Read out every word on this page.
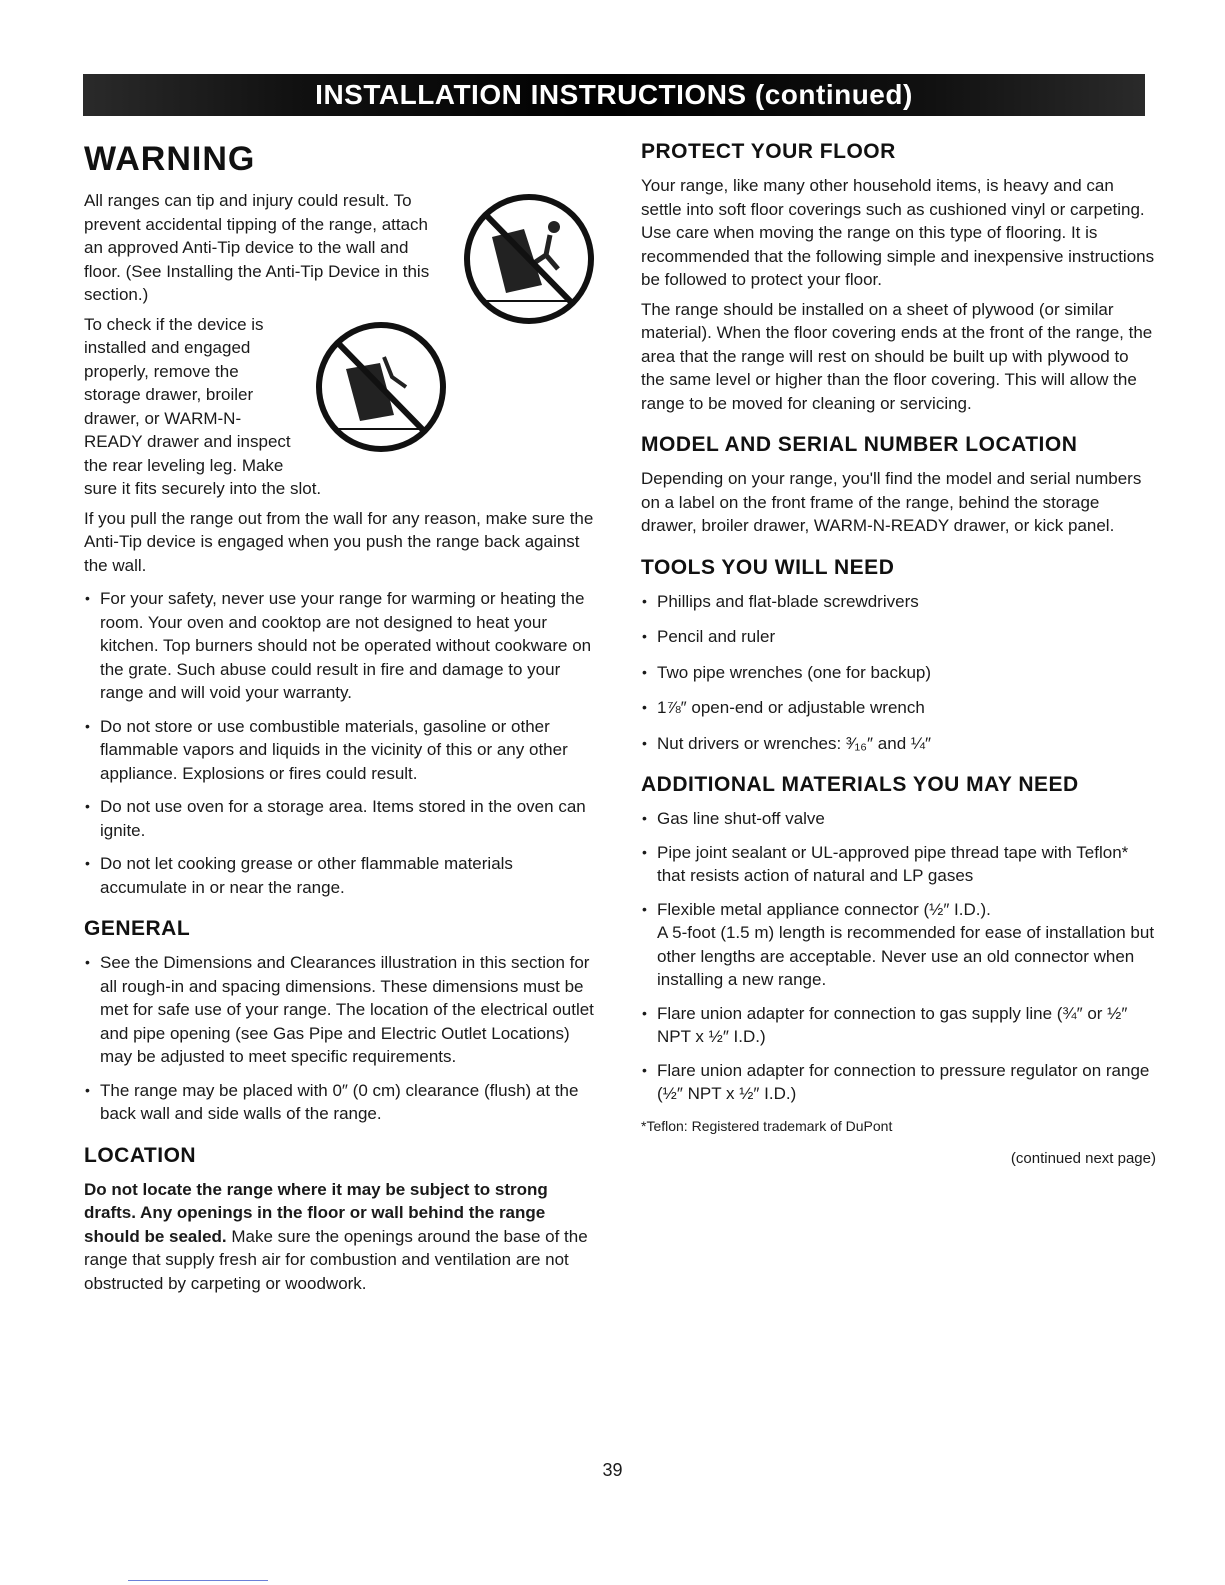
INSTALLATION INSTRUCTIONS (continued)
WARNING

All ranges can tip and injury could result. To prevent accidental tipping of the range, attach an approved Anti-Tip device to the wall and floor. (See Installing the Anti-Tip Device in this section.)

To check if the device is installed and engaged properly, remove the storage drawer, broiler drawer, or WARM-N-READY drawer and inspect the rear leveling leg. Make sure it fits securely into the slot.

If you pull the range out from the wall for any reason, make sure the Anti-Tip device is engaged when you push the range back against the wall.

• For your safety, never use your range for warming or heating the room. Your oven and cooktop are not designed to heat your kitchen. Top burners should not be operated without cookware on the grate. Such abuse could result in fire and damage to your range and will void your warranty.
• Do not store or use combustible materials, gasoline or other flammable vapors and liquids in the vicinity of this or any other appliance. Explosions or fires could result.
• Do not use oven for a storage area. Items stored in the oven can ignite.
• Do not let cooking grease or other flammable materials accumulate in or near the range.
GENERAL
• See the Dimensions and Clearances illustration in this section for all rough-in and spacing dimensions. These dimensions must be met for safe use of your range. The location of the electrical outlet and pipe opening (see Gas Pipe and Electric Outlet Locations) may be adjusted to meet specific requirements.
• The range may be placed with 0″ (0 cm) clearance (flush) at the back wall and side walls of the range.
LOCATION

Do not locate the range where it may be subject to strong drafts. Any openings in the floor or wall behind the range should be sealed. Make sure the openings around the base of the range that supply fresh air for combustion and ventilation are not obstructed by carpeting or woodwork.

PROTECT YOUR FLOOR

Your range, like many other household items, is heavy and can settle into soft floor coverings such as cushioned vinyl or carpeting. Use care when moving the range on this type of flooring. It is recommended that the following simple and inexpensive instructions be followed to protect your floor.

The range should be installed on a sheet of plywood (or similar material). When the floor covering ends at the front of the range, the area that the range will rest on should be built up with plywood to the same level or higher than the floor covering. This will allow the range to be moved for cleaning or servicing.

MODEL AND SERIAL NUMBER LOCATION

Depending on your range, you'll find the model and serial numbers on a label on the front frame of the range, behind the storage drawer, broiler drawer, WARM-N-READY drawer, or kick panel.

TOOLS YOU WILL NEED
• Phillips and flat-blade screwdrivers
• Pencil and ruler
• Two pipe wrenches (one for backup)
• 1⅞″ open-end or adjustable wrench
• Nut drivers or wrenches: ³⁄₁₆″ and ¼″
ADDITIONAL MATERIALS YOU MAY NEED
• Gas line shut-off valve
• Pipe joint sealant or UL-approved pipe thread tape with Teflon* that resists action of natural and LP gases
• Flexible metal appliance connector (½″ I.D.).
A 5-foot (1.5 m) length is recommended for ease of installation but other lengths are acceptable. Never use an old connector when installing a new range.
• Flare union adapter for connection to gas supply line (¾″ or ½″ NPT x ½″ I.D.)
• Flare union adapter for connection to pressure regulator on range (½″ NPT x ½″ I.D.)
*Teflon: Registered trademark of DuPont
(continued next page)
39
